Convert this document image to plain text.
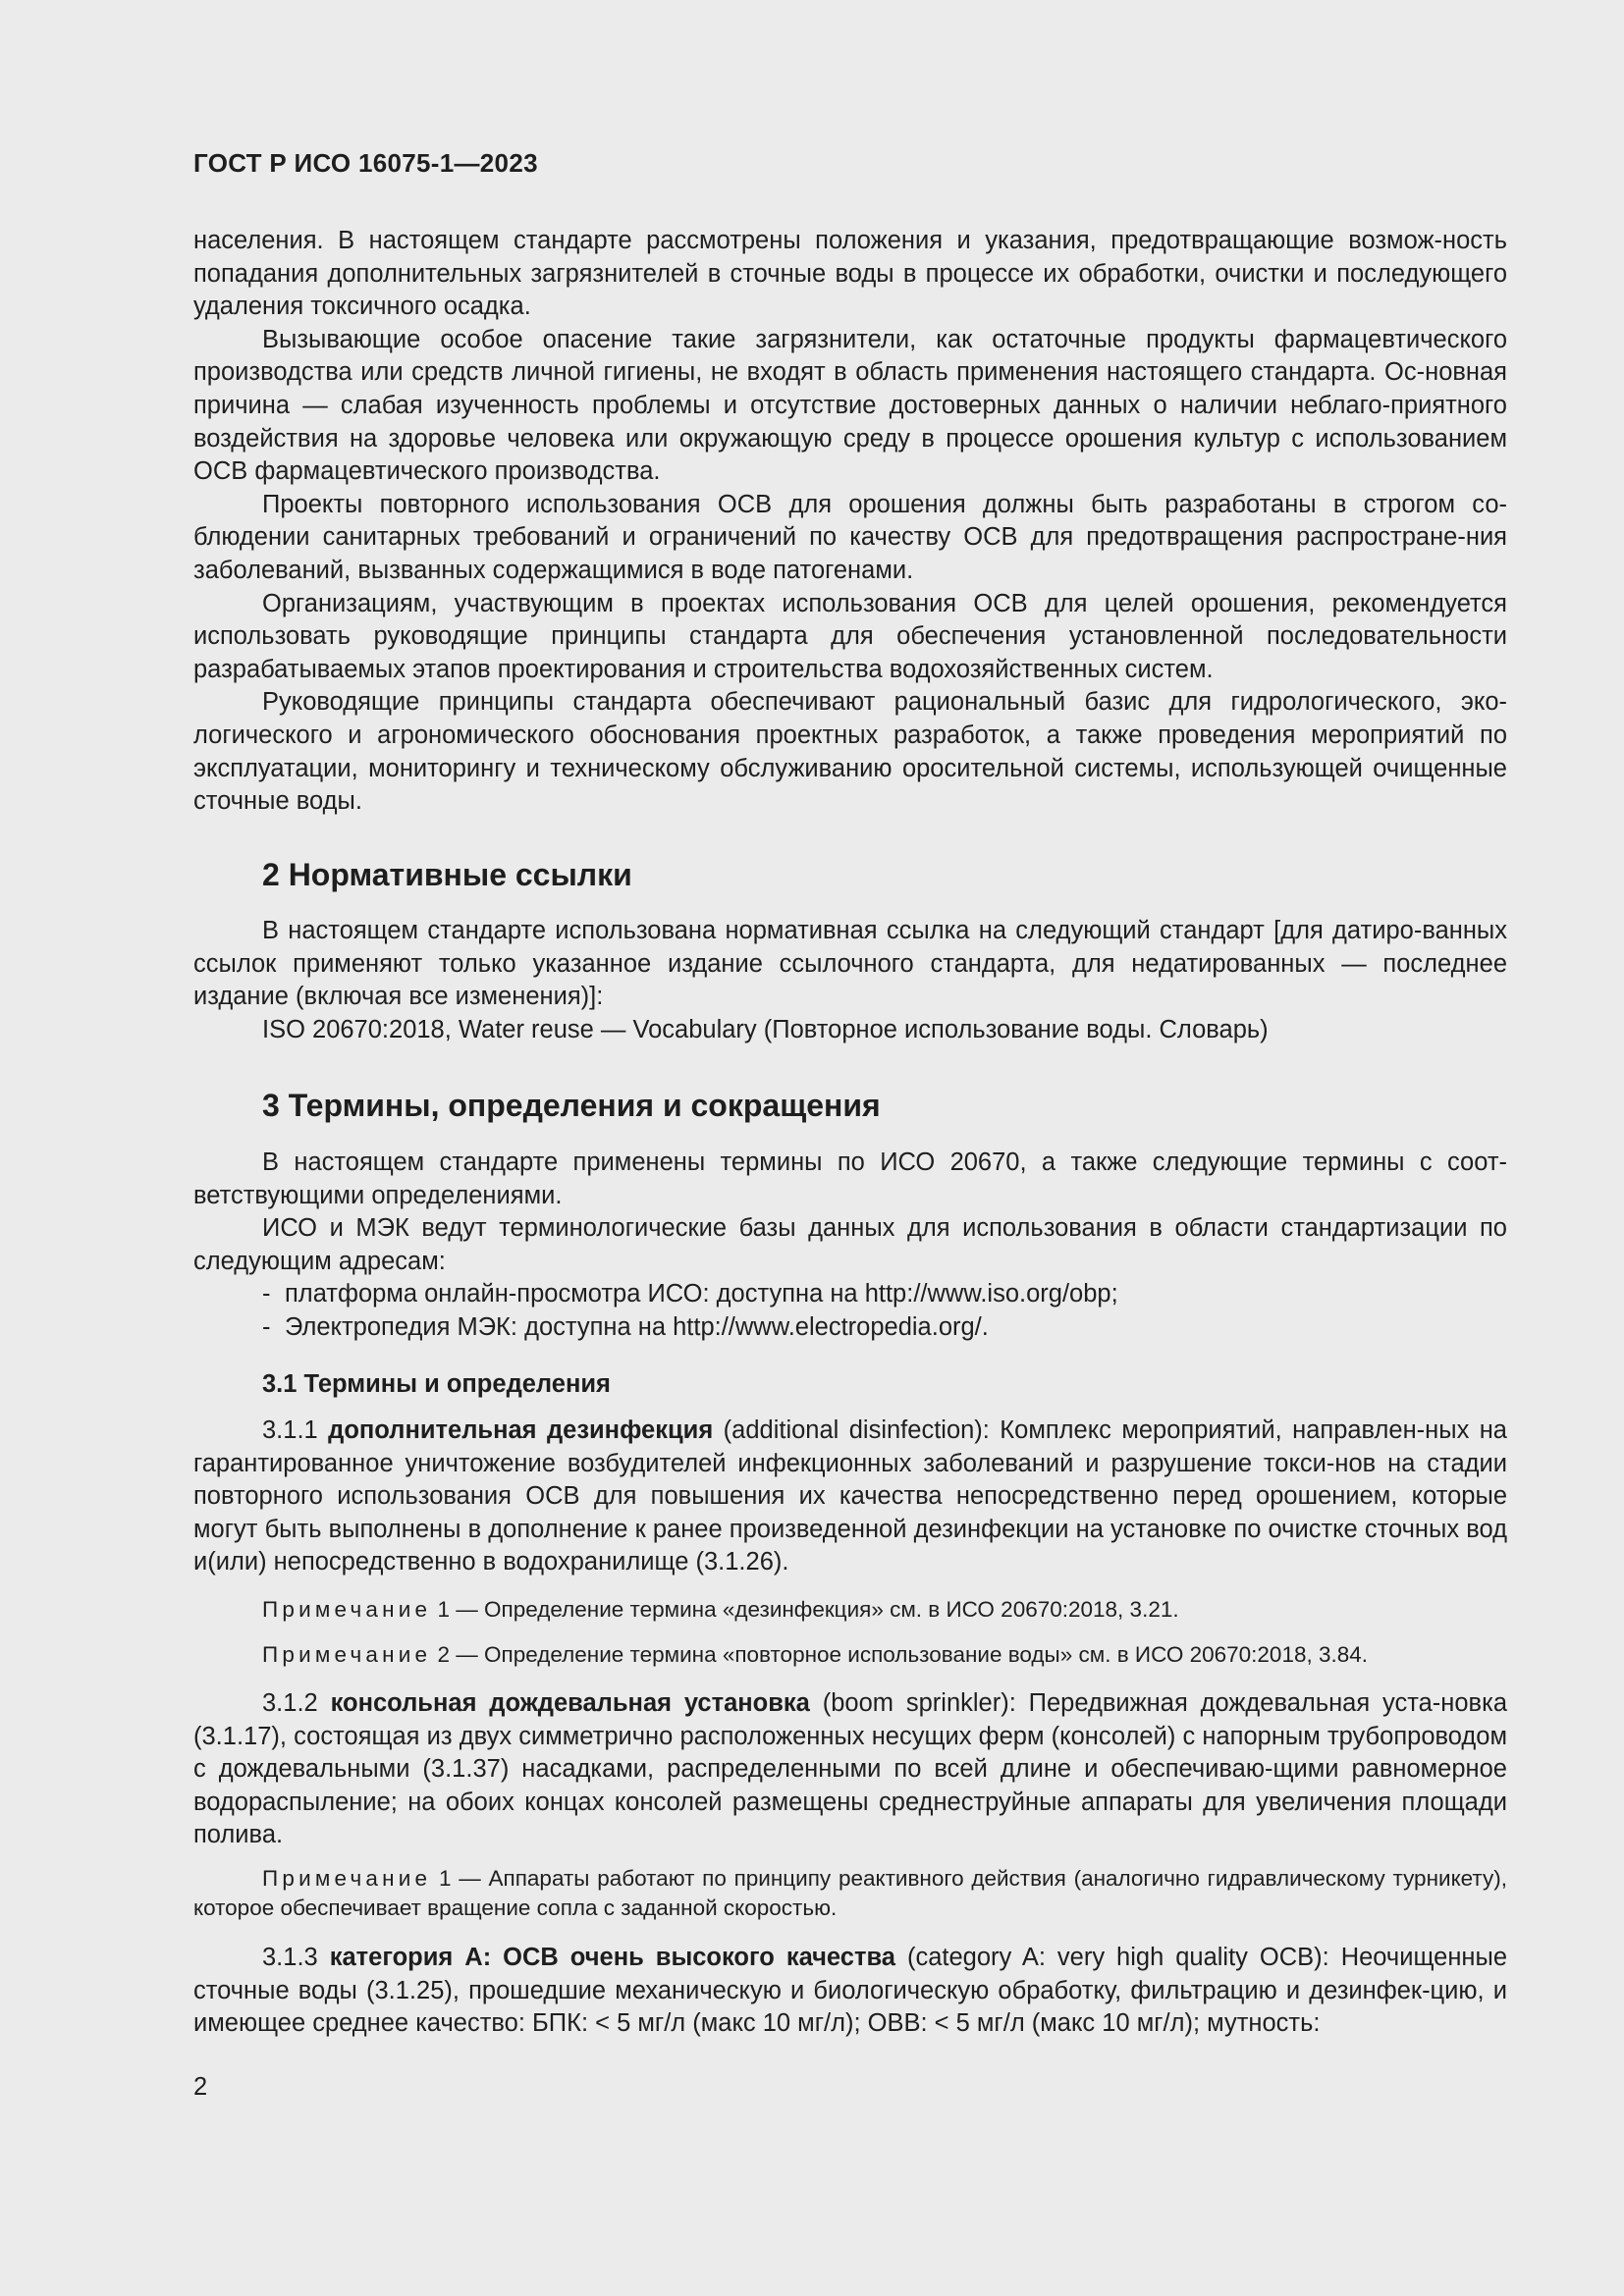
ГОСТ Р ИСО 16075-1—2023

населения. В настоящем стандарте рассмотрены положения и указания, предотвращающие возмож-ность попадания дополнительных загрязнителей в сточные воды в процессе их обработки, очистки и последующего удаления токсичного осадка.

Вызывающие особое опасение такие загрязнители, как остаточные продукты фармацевтического производства или средств личной гигиены, не входят в область применения настоящего стандарта. Ос-новная причина — слабая изученность проблемы и отсутствие достоверных данных о наличии неблаго-приятного воздействия на здоровье человека или окружающую среду в процессе орошения культур с использованием ОСВ фармацевтического производства.

Проекты повторного использования ОСВ для орошения должны быть разработаны в строгом со-блюдении санитарных требований и ограничений по качеству ОСВ для предотвращения распростране-ния заболеваний, вызванных содержащимися в воде патогенами.

Организациям, участвующим в проектах использования ОСВ для целей орошения, рекомендуется использовать руководящие принципы стандарта для обеспечения установленной последовательности разрабатываемых этапов проектирования и строительства водохозяйственных систем.

Руководящие принципы стандарта обеспечивают рациональный базис для гидрологического, эко-логического и агрономического обоснования проектных разработок, а также проведения мероприятий по эксплуатации, мониторингу и техническому обслуживанию оросительной системы, использующей очищенные сточные воды.

2 Нормативные ссылки

В настоящем стандарте использована нормативная ссылка на следующий стандарт [для датиро-ванных ссылок применяют только указанное издание ссылочного стандарта, для недатированных — последнее издание (включая все изменения)]:

ISO 20670:2018, Water reuse — Vocabulary (Повторное использование воды. Словарь)

3 Термины, определения и сокращения

В настоящем стандарте применены термины по ИСО 20670, а также следующие термины с соот-ветствующими определениями.

ИСО и МЭК ведут терминологические базы данных для использования в области стандартизации по следующим адресам:

- платформа онлайн-просмотра ИСО: доступна на http://www.iso.org/obp;

- Электропедия МЭК: доступна на http://www.electropedia.org/.

3.1 Термины и определения

3.1.1 дополнительная дезинфекция (additional disinfection): Комплекс мероприятий, направлен-ных на гарантированное уничтожение возбудителей инфекционных заболеваний и разрушение токси-нов на стадии повторного использования ОСВ для повышения их качества непосредственно перед орошением, которые могут быть выполнены в дополнение к ранее произведенной дезинфекции на установке по очистке сточных вод и(или) непосредственно в водохранилище (3.1.26).

Примечание 1 — Определение термина «дезинфекция» см. в ИСО 20670:2018, 3.21.

Примечание 2 — Определение термина «повторное использование воды» см. в ИСО 20670:2018, 3.84.

3.1.2 консольная дождевальная установка (boom sprinkler): Передвижная дождевальная уста-новка (3.1.17), состоящая из двух симметрично расположенных несущих ферм (консолей) с напорным трубопроводом с дождевальными (3.1.37) насадками, распределенными по всей длине и обеспечиваю-щими равномерное водораспыление; на обоих концах консолей размещены среднеструйные аппараты для увеличения площади полива.

Примечание 1 — Аппараты работают по принципу реактивного действия (аналогично гидравлическому турникету), которое обеспечивает вращение сопла с заданной скоростью.

3.1.3 категория А: ОСВ очень высокого качества (category A: very high quality ОСВ): Неочищенные сточные воды (3.1.25), прошедшие механическую и биологическую обработку, фильтрацию и дезинфек-цию, и имеющее среднее качество: БПК: < 5 мг/л (макс 10 мг/л); ОВВ: < 5 мг/л (макс 10 мг/л); мутность:

2
